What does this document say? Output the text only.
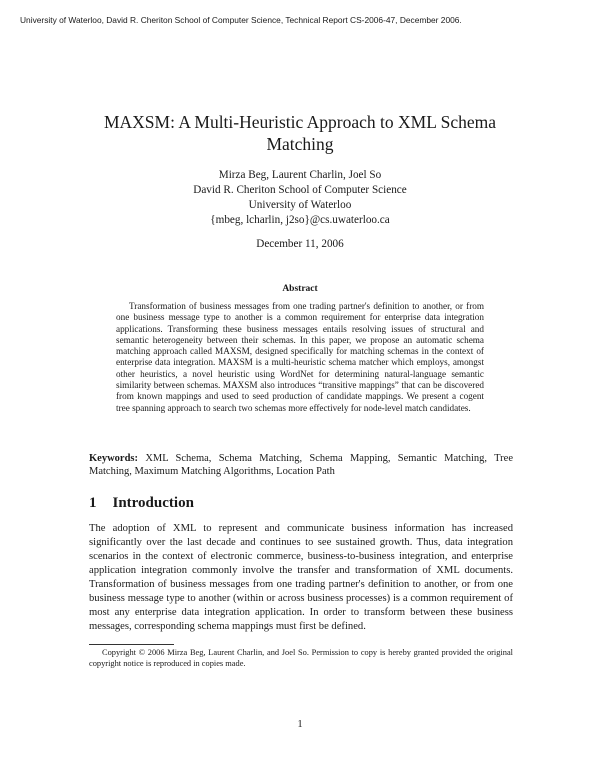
University of Waterloo, David R. Cheriton School of Computer Science, Technical Report CS-2006-47, December 2006.
MAXSM: A Multi-Heuristic Approach to XML Schema
Matching
Mirza Beg, Laurent Charlin, Joel So
David R. Cheriton School of Computer Science
University of Waterloo
{mbeg, lcharlin, j2so}@cs.uwaterloo.ca
December 11, 2006
Abstract
Transformation of business messages from one trading partner's definition to another, or from one business message type to another is a common requirement for enterprise data integration applications. Transforming these business messages entails resolving issues of structural and semantic heterogeneity between their schemas. In this paper, we propose an automatic schema matching approach called MAXSM, designed specifically for matching schemas in the context of enterprise data integration. MAXSM is a multi-heuristic schema matcher which employs, amongst other heuristics, a novel heuristic using WordNet for determining natural-language semantic similarity between schemas. MAXSM also introduces “transitive mappings” that can be discovered from known mappings and used to seed production of candidate mappings. We present a cogent tree spanning approach to search two schemas more effectively for node-level match candidates.
Keywords: XML Schema, Schema Matching, Schema Mapping, Semantic Matching, Tree Matching, Maximum Matching Algorithms, Location Path
1 Introduction
The adoption of XML to represent and communicate business information has increased significantly over the last decade and continues to see sustained growth. Thus, data integration scenarios in the context of electronic commerce, business-to-business integration, and enterprise application integration commonly involve the transfer and transformation of XML documents. Transformation of business messages from one trading partner's definition to another, or from one business message type to another (within or across business processes) is a common requirement of most any enterprise data integration application. In order to transform between these business messages, corresponding schema mappings must first be defined.
Copyright © 2006 Mirza Beg, Laurent Charlin, and Joel So. Permission to copy is hereby granted provided the original copyright notice is reproduced in copies made.
1
